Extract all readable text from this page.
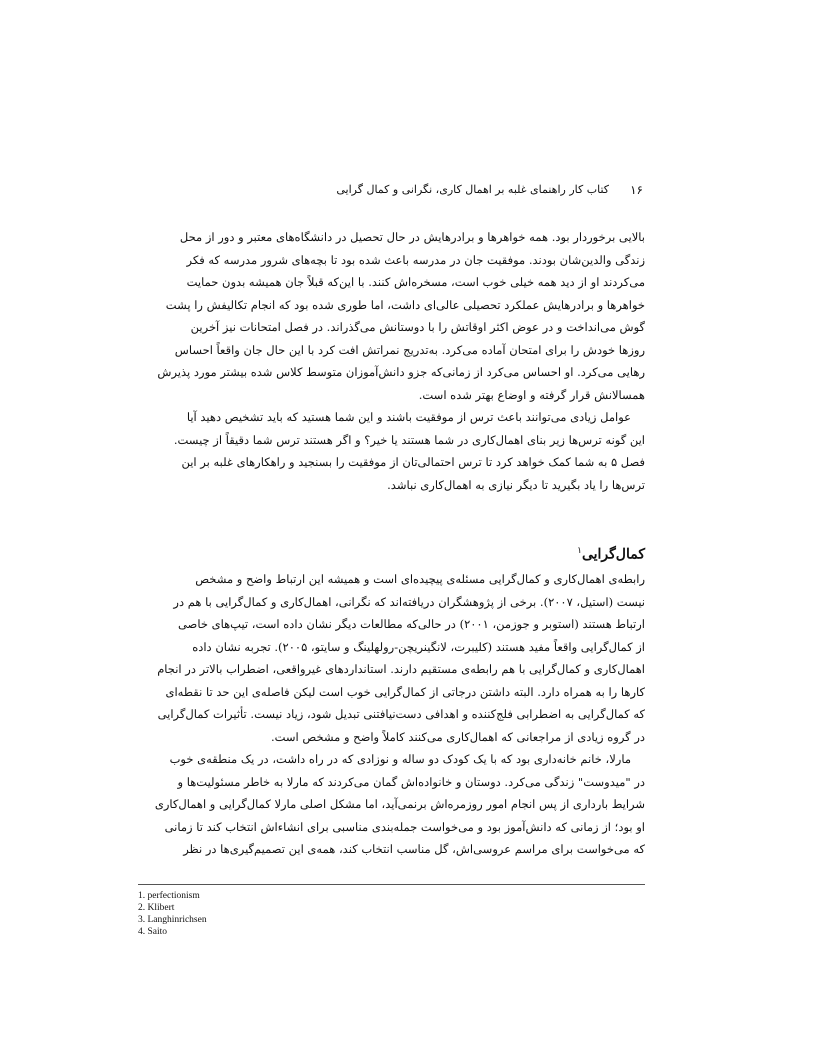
۱۶
کتاب کار راهنمای غلبه بر اهمال کاری، نگرانی و کمال گرایی
بالایی برخوردار بود. همه خواهرها و برادرهایش در حال تحصیل در دانشگاه‌های معتبر و دور از محل
زندگی والدین‌شان بودند. موفقیت جان در مدرسه باعث شده بود تا بچه‌های شرور مدرسه که فکر
می‌کردند او از دید همه خیلی خوب است، مسخره‌اش کنند. با این‌که قبلاً جان همیشه بدون حمایت
خواهرها و برادرهایش عملکرد تحصیلی عالی‌ای داشت، اما طوری شده بود که انجام تکالیفش را پشت
گوش می‌انداخت و در عوض اکثر اوقاتش را با دوستانش می‌گذراند. در فصل امتحانات نیز آخرین
روزها خودش را برای امتحان آماده می‌کرد. به‌تدریج نمراتش افت کرد با این حال جان واقعاً احساس
رهایی می‌کرد. او احساس می‌کرد از زمانی‌که جزو دانش‌آموزان متوسط کلاس شده بیشتر مورد پذیرش
همسالانش قرار گرفته و اوضاع بهتر شده است.
عوامل زیادی می‌توانند باعث ترس از موفقیت باشند و این شما هستید که باید تشخیص دهید آیا
این گونه ترس‌ها زیر بنای اهمال‌کاری در شما هستند یا خیر؟ و اگر هستند ترس شما دقیقاً از چیست.
فصل ۵ به شما کمک خواهد کرد تا ترس احتمالی‌تان از موفقیت را بسنجید و راهکارهای غلبه بر این
ترس‌ها را یاد بگیرید تا دیگر نیازی به اهمال‌کاری نباشد.
کمال‌گرایی$^۱$
رابطه‌ی اهمال‌کاری و کمال‌گرایی مسئله‌ی پیچیده‌ای است و همیشه این ارتباط واضح و مشخص
نیست (استیل، ۲۰۰۷). برخی از پژوهشگران دریافته‌اند که نگرانی، اهمال‌کاری و کمال‌گرایی با هم در
ارتباط هستند (استوبر و جوزمن، ۲۰۰۱) در حالی‌که مطالعات دیگر نشان داده است، تیپ‌های خاصی
از کمال‌گرایی واقعاً مفید هستند (کلیبرت، لانگینریچن-رولهلینگ و سایتو، ۲۰۰۵). تجربه نشان داده
اهمال‌کاری و کمال‌گرایی با هم رابطه‌ی مستقیم دارند. استانداردهای غیرواقعی، اضطراب بالاتر در انجام
کارها را به همراه دارد. البته داشتن درجاتی از کمال‌گرایی خوب است لیکن فاصله‌ی این حد تا نقطه‌ای
که کمال‌گرایی به اضطرابی فلج‌کننده و اهدافی دست‌نیافتنی تبدیل شود، زیاد نیست. تأثیرات کمال‌گرایی
در گروه زیادی از مراجعانی که اهمال‌کاری می‌کنند کاملاً واضح و مشخص است.
مارلا، خانم خانه‌داری بود که با یک کودک دو ساله و نوزادی که در راه داشت، در یک منطقه‌ی خوب
در "میدوست" زندگی می‌کرد. دوستان و خانواده‌اش گمان می‌کردند که مارلا به خاطر مسئولیت‌ها و
شرایط بارداری از پس انجام امور روزمره‌اش برنمی‌آید، اما مشکل اصلی مارلا کمال‌گرایی و اهمال‌کاری
او بود؛ از زمانی که دانش‌آموز بود و می‌خواست جمله‌بندی مناسبی برای انشاءاش انتخاب کند تا زمانی
که می‌خواست برای مراسم عروسی‌اش، گل مناسب انتخاب کند، همه‌ی این تصمیم‌گیری‌ها در نظر
1. perfectionism
2. Klibert
3. Langhinrichsen
4. Saito
